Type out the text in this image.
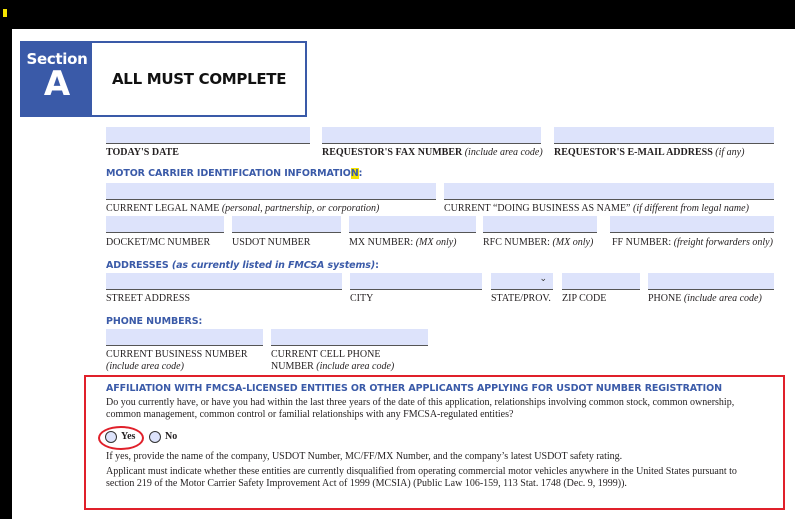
Section
A	ALL MUST COMPLETE
TODAY'S DATE	REQUESTOR'S FAX NUMBER (include area code) REQUESTOR'S E-MAIL ADDRESS (if any)
MOTOR CARRIER IDENTIFICATION INFORMATION:
CURRENT LEGAL NAME (personal, partnership, or corporation)	CURRENT “DOING BUSINESS AS NAME” (if different from legal name)
DOCKET/MC NUMBER USDOT NUMBER	MX NUMBER: (MX only)	RFC NUMBER: (MX only) FF NUMBER: (freight forwarders only)
ADDRESSES (as currently listed in FMCSA systems):
⌄
STREET ADDRESS	CITY	STATE/PROV. ZIP CODE	PHONE (include area code)
PHONE NUMBERS:
CURRENT BUSINESS NUMBER
(include area code)
CURRENT CELL PHONE
NUMBER (include area code)
AFFILIATION WITH FMCSA-LICENSED ENTITIES OR OTHER APPLICANTS APPLYING FOR USDOT NUMBER REGISTRATION
Do you currently have, or have you had within the last three years of the date of this application, relationships involving common stock, common ownership,
common management, common control or familial relationships with any FMCSA-regulated entities?
Yes	No
If yes, provide the name of the company, USDOT Number, MC/FF/MX Number, and the company’s latest USDOT safety rating.
Applicant must indicate whether these entities are currently disqualified from operating commercial motor vehicles anywhere in the United States pursuant to
section 219 of the Motor Carrier Safety Improvement Act of 1999 (MCSIA) (Public Law 106-159, 113 Stat. 1748 (Dec. 9, 1999)).
